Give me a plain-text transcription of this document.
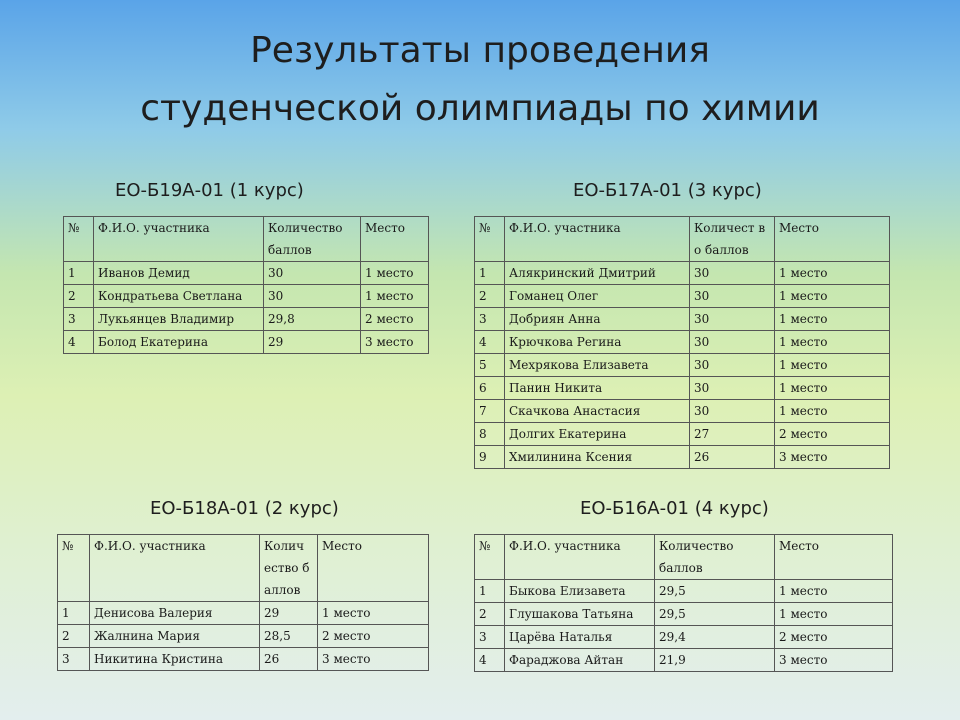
Результаты проведения
студенческой олимпиады по химии
ЕО-Б19А-01 (1 курс)
№	Ф.И.О. участника	Количество баллов	Место
1	Иванов Демид	30	1 место
2	Кондратьева Светлана	30	1 место
3	Лукьянцев Владимир	29,8	2 место
4	Болод Екатерина	29	3 место
ЕО-Б17А-01 (3 курс)
№	Ф.И.О. участника	Количест во баллов	Место
1	Алякринский Дмитрий	30	1 место
2	Гоманец Олег	30	1 место
3	Добриян Анна	30	1 место
4	Крючкова Регина	30	1 место
5	Мехрякова Елизавета	30	1 место
6	Панин Никита	30	1 место
7	Скачкова Анастасия	30	1 место
8	Долгих Екатерина	27	2 место
9	Хмилинина Ксения	26	3 место
ЕО-Б18А-01 (2 курс)
№	Ф.И.О. участника	Колич ество баллов	Место
1	Денисова Валерия	29	1 место
2	Жалнина Мария	28,5	2 место
3	Никитина Кристина	26	3 место
ЕО-Б16А-01 (4 курс)
№	Ф.И.О. участника	Количество баллов	Место
1	Быкова Елизавета	29,5	1 место
2	Глушакова Татьяна	29,5	1 место
3	Царёва Наталья	29,4	2 место
4	Фараджова Айтан	21,9	3 место
